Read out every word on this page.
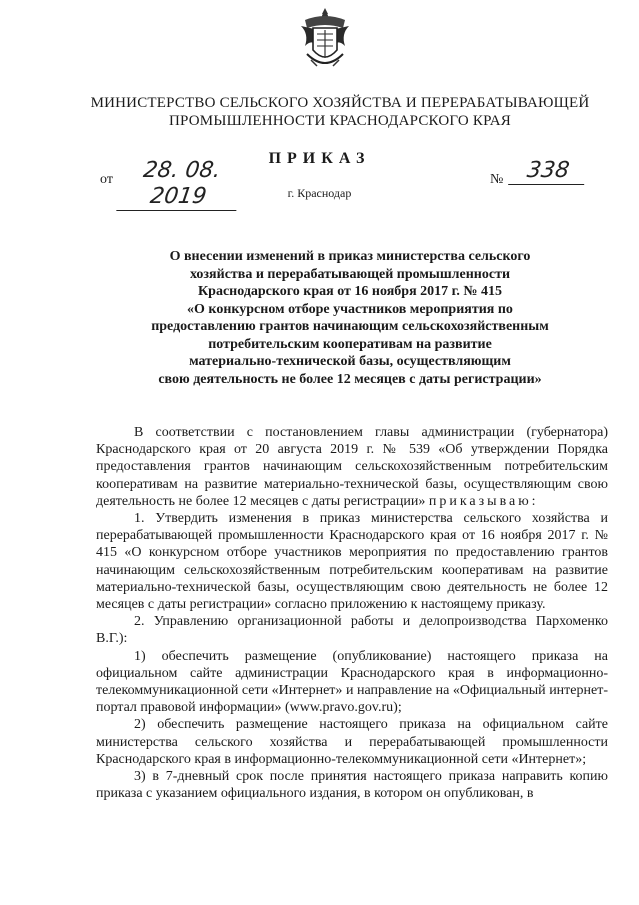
МИНИСТЕРСТВО СЕЛЬСКОГО ХОЗЯЙСТВА И ПЕРЕРАБАТЫВАЮЩЕЙ
ПРОМЫШЛЕННОСТИ КРАСНОДАРСКОГО КРАЯ
ПРИКАЗ
от	28. 08. 2019
№	338
г. Краснодар
О внесении изменений в приказ министерства сельского
хозяйства и перерабатывающей промышленности
Краснодарского края от 16 ноября 2017 г. № 415
«О конкурсном отборе участников мероприятия по
предоставлению грантов начинающим сельскохозяйственным
потребительским кооперативам на развитие
материально-технической базы, осуществляющим
свою деятельность не более 12 месяцев с даты регистрации»

В соответствии с постановлением главы администрации (губернатора) Краснодарского края от 20 августа 2019 г. № 539 «Об утверждении Порядка предоставления грантов начинающим сельскохозяйственным потребительским кооперативам на развитие материально-технической базы, осуществляющим свою деятельность не более 12 месяцев с даты регистрации» приказываю:

1. Утвердить изменения в приказ министерства сельского хозяйства и перерабатывающей промышленности Краснодарского края от 16 ноября 2017 г. № 415 «О конкурсном отборе участников мероприятия по предоставлению грантов начинающим сельскохозяйственным потребительским кооперативам на развитие материально-технической базы, осуществляющим свою деятельность не более 12 месяцев с даты регистрации» согласно приложению к настоящему приказу.

2. Управлению организационной работы и делопроизводства Пархоменко В.Г.):

1) обеспечить размещение (опубликование) настоящего приказа на официальном сайте администрации Краснодарского края в информационно-телекоммуникационной сети «Интернет» и направление на «Официальный интернет-портал правовой информации» (www.pravo.gov.ru);

2) обеспечить размещение настоящего приказа на официальном сайте министерства сельского хозяйства и перерабатывающей промышленности Краснодарского края в информационно-телекоммуникационной сети «Интернет»;

3) в 7-дневный срок после принятия настоящего приказа направить копию приказа с указанием официального издания, в котором он опубликован, в
